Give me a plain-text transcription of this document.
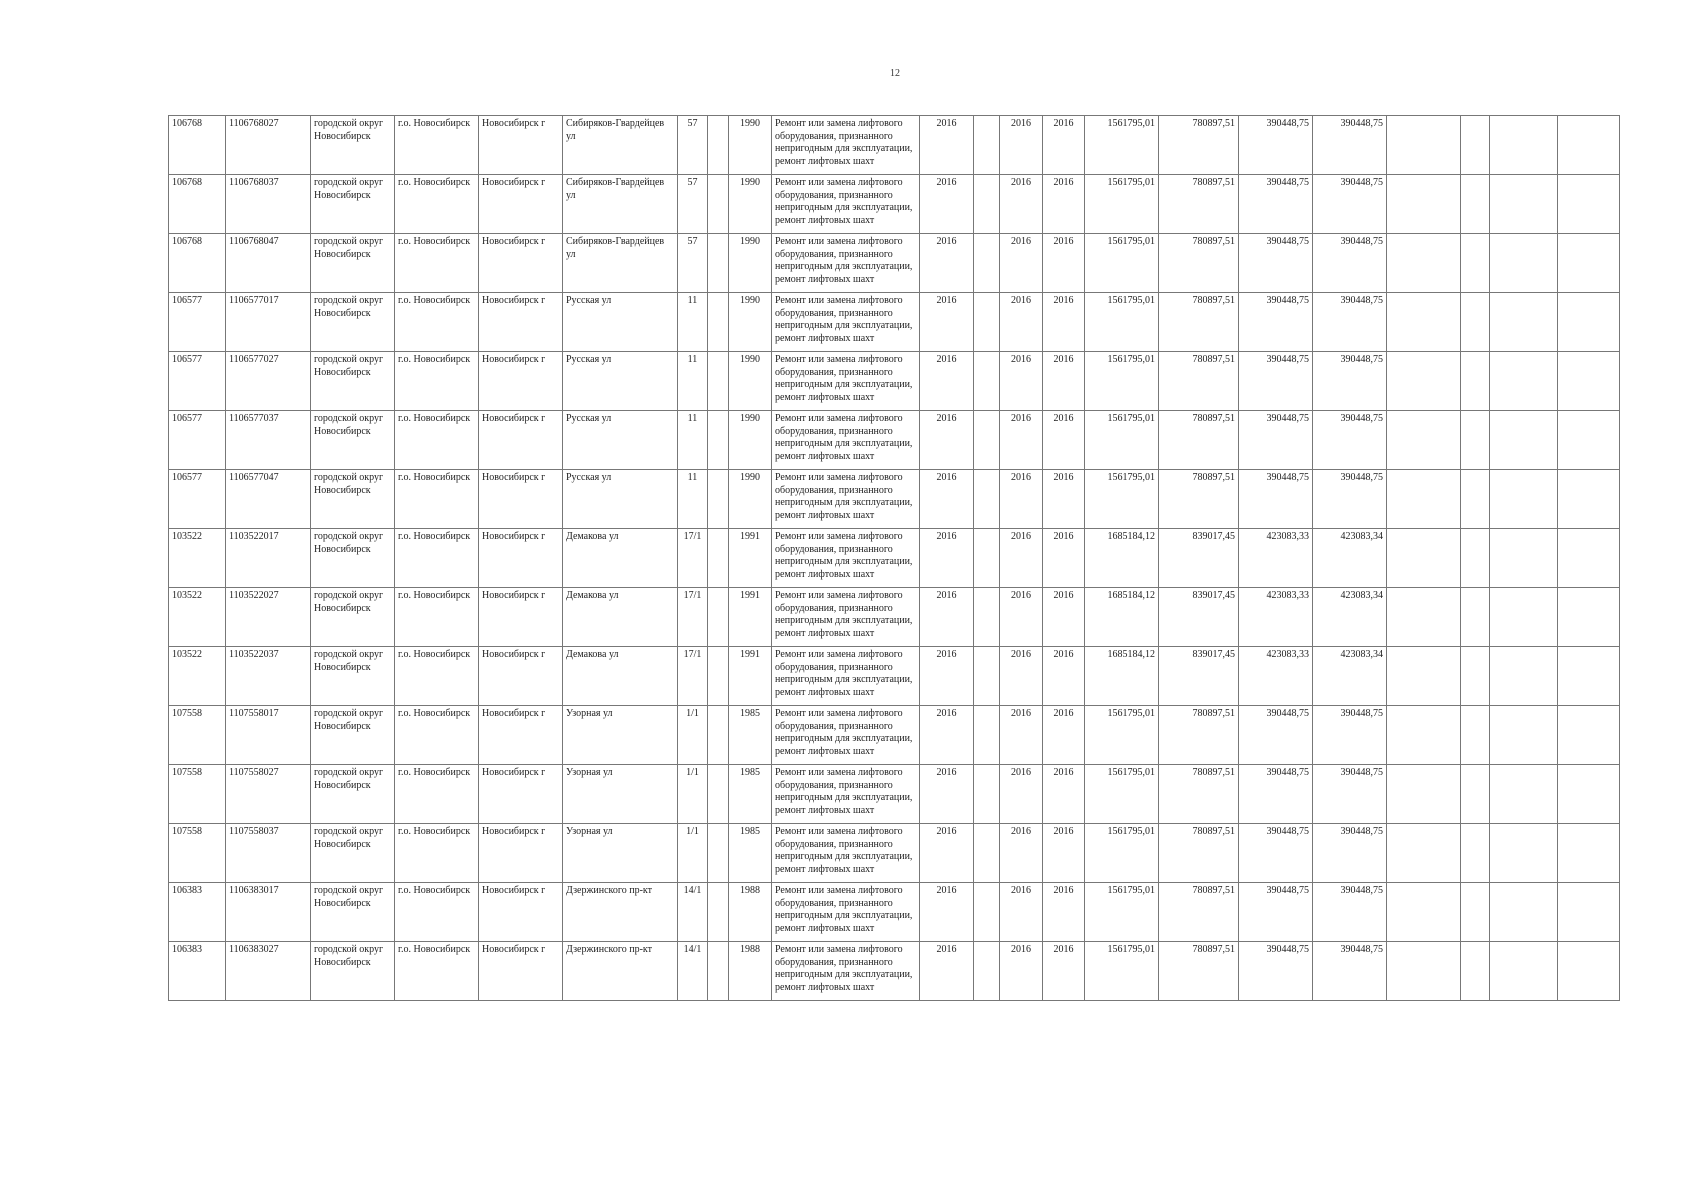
12
106768	1106768027	городской округ Новосибирск	г.о. Новосибирск	Новосибирск г	Сибиряков-Гвардейцев ул	57		1990	Ремонт или замена лифтового оборудования, признанного непригодным для эксплуатации, ремонт лифтовых шахт	2016		2016	2016	1561795,01	780897,51	390448,75	390448,75				
106768	1106768037	городской округ Новосибирск	г.о. Новосибирск	Новосибирск г	Сибиряков-Гвардейцев ул	57		1990	Ремонт или замена лифтового оборудования, признанного непригодным для эксплуатации, ремонт лифтовых шахт	2016		2016	2016	1561795,01	780897,51	390448,75	390448,75				
106768	1106768047	городской округ Новосибирск	г.о. Новосибирск	Новосибирск г	Сибиряков-Гвардейцев ул	57		1990	Ремонт или замена лифтового оборудования, признанного непригодным для эксплуатации, ремонт лифтовых шахт	2016		2016	2016	1561795,01	780897,51	390448,75	390448,75				
106577	1106577017	городской округ Новосибирск	г.о. Новосибирск	Новосибирск г	Русская ул	11		1990	Ремонт или замена лифтового оборудования, признанного непригодным для эксплуатации, ремонт лифтовых шахт	2016		2016	2016	1561795,01	780897,51	390448,75	390448,75				
106577	1106577027	городской округ Новосибирск	г.о. Новосибирск	Новосибирск г	Русская ул	11		1990	Ремонт или замена лифтового оборудования, признанного непригодным для эксплуатации, ремонт лифтовых шахт	2016		2016	2016	1561795,01	780897,51	390448,75	390448,75				
106577	1106577037	городской округ Новосибирск	г.о. Новосибирск	Новосибирск г	Русская ул	11		1990	Ремонт или замена лифтового оборудования, признанного непригодным для эксплуатации, ремонт лифтовых шахт	2016		2016	2016	1561795,01	780897,51	390448,75	390448,75				
106577	1106577047	городской округ Новосибирск	г.о. Новосибирск	Новосибирск г	Русская ул	11		1990	Ремонт или замена лифтового оборудования, признанного непригодным для эксплуатации, ремонт лифтовых шахт	2016		2016	2016	1561795,01	780897,51	390448,75	390448,75				
103522	1103522017	городской округ Новосибирск	г.о. Новосибирск	Новосибирск г	Демакова ул	17/1		1991	Ремонт или замена лифтового оборудования, признанного непригодным для эксплуатации, ремонт лифтовых шахт	2016		2016	2016	1685184,12	839017,45	423083,33	423083,34				
103522	1103522027	городской округ Новосибирск	г.о. Новосибирск	Новосибирск г	Демакова ул	17/1		1991	Ремонт или замена лифтового оборудования, признанного непригодным для эксплуатации, ремонт лифтовых шахт	2016		2016	2016	1685184,12	839017,45	423083,33	423083,34				
103522	1103522037	городской округ Новосибирск	г.о. Новосибирск	Новосибирск г	Демакова ул	17/1		1991	Ремонт или замена лифтового оборудования, признанного непригодным для эксплуатации, ремонт лифтовых шахт	2016		2016	2016	1685184,12	839017,45	423083,33	423083,34				
107558	1107558017	городской округ Новосибирск	г.о. Новосибирск	Новосибирск г	Узорная ул	1/1		1985	Ремонт или замена лифтового оборудования, признанного непригодным для эксплуатации, ремонт лифтовых шахт	2016		2016	2016	1561795,01	780897,51	390448,75	390448,75				
107558	1107558027	городской округ Новосибирск	г.о. Новосибирск	Новосибирск г	Узорная ул	1/1		1985	Ремонт или замена лифтового оборудования, признанного непригодным для эксплуатации, ремонт лифтовых шахт	2016		2016	2016	1561795,01	780897,51	390448,75	390448,75				
107558	1107558037	городской округ Новосибирск	г.о. Новосибирск	Новосибирск г	Узорная ул	1/1		1985	Ремонт или замена лифтового оборудования, признанного непригодным для эксплуатации, ремонт лифтовых шахт	2016		2016	2016	1561795,01	780897,51	390448,75	390448,75				
106383	1106383017	городской округ Новосибирск	г.о. Новосибирск	Новосибирск г	Дзержинского пр-кт	14/1		1988	Ремонт или замена лифтового оборудования, признанного непригодным для эксплуатации, ремонт лифтовых шахт	2016		2016	2016	1561795,01	780897,51	390448,75	390448,75				
106383	1106383027	городской округ Новосибирск	г.о. Новосибирск	Новосибирск г	Дзержинского пр-кт	14/1		1988	Ремонт или замена лифтового оборудования, признанного непригодным для эксплуатации, ремонт лифтовых шахт	2016		2016	2016	1561795,01	780897,51	390448,75	390448,75				
